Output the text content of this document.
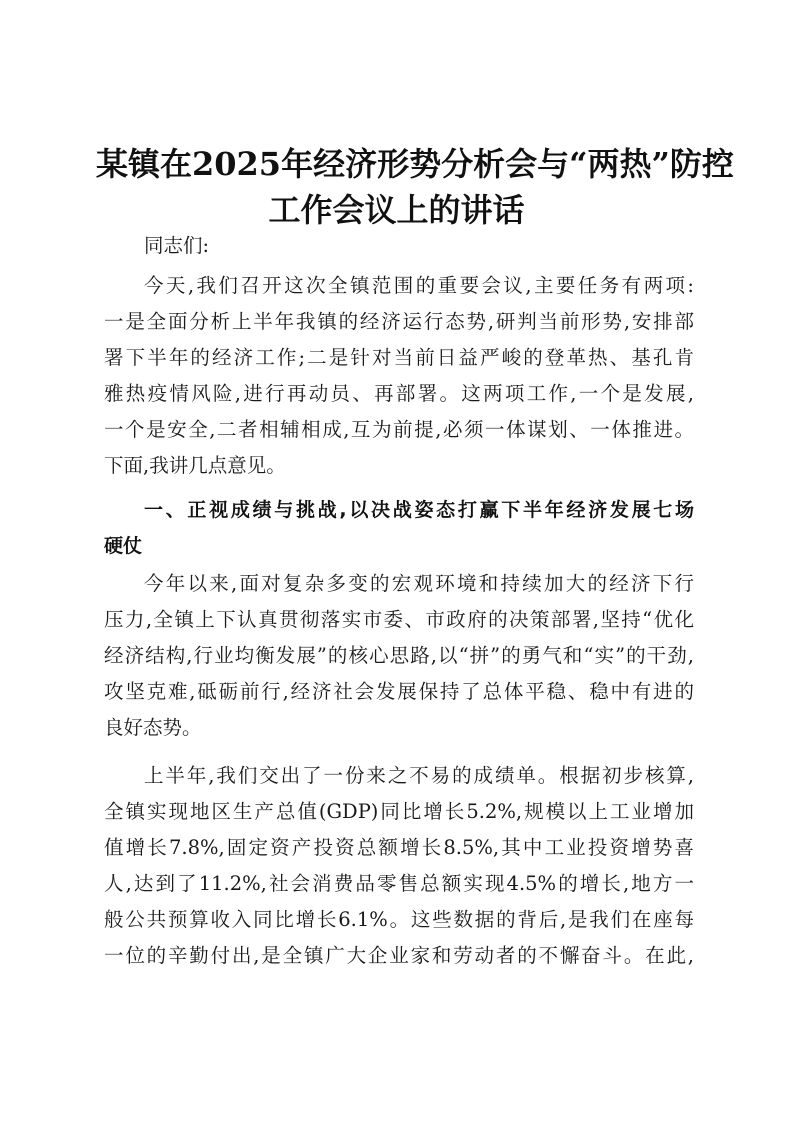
某镇在2025年经济形势分析会与“两热”防控
工作会议上的讲话
同志们:
今天,我们召开这次全镇范围的重要会议,主要任务有两项:
一是全面分析上半年我镇的经济运行态势,研判当前形势,安排部
署下半年的经济工作;二是针对当前日益严峻的登革热、基孔肯
雅热疫情风险,进行再动员、再部署。这两项工作,一个是发展,
一个是安全,二者相辅相成,互为前提,必须一体谋划、一体推进。
下面,我讲几点意见。
一、正视成绩与挑战,以决战姿态打赢下半年经济发展七场
硬仗
今年以来,面对复杂多变的宏观环境和持续加大的经济下行
压力,全镇上下认真贯彻落实市委、市政府的决策部署,坚持“优化
经济结构,行业均衡发展”的核心思路,以“拼”的勇气和“实”的干劲,
攻坚克难,砥砺前行,经济社会发展保持了总体平稳、稳中有进的
良好态势。
上半年,我们交出了一份来之不易的成绩单。根据初步核算,
全镇实现地区生产总值(GDP)同比增长5.2%,规模以上工业增加
值增长7.8%,固定资产投资总额增长8.5%,其中工业投资增势喜
人,达到了11.2%,社会消费品零售总额实现4.5%的增长,地方一
般公共预算收入同比增长6.1%。这些数据的背后,是我们在座每
一位的辛勤付出,是全镇广大企业家和劳动者的不懈奋斗。在此,
